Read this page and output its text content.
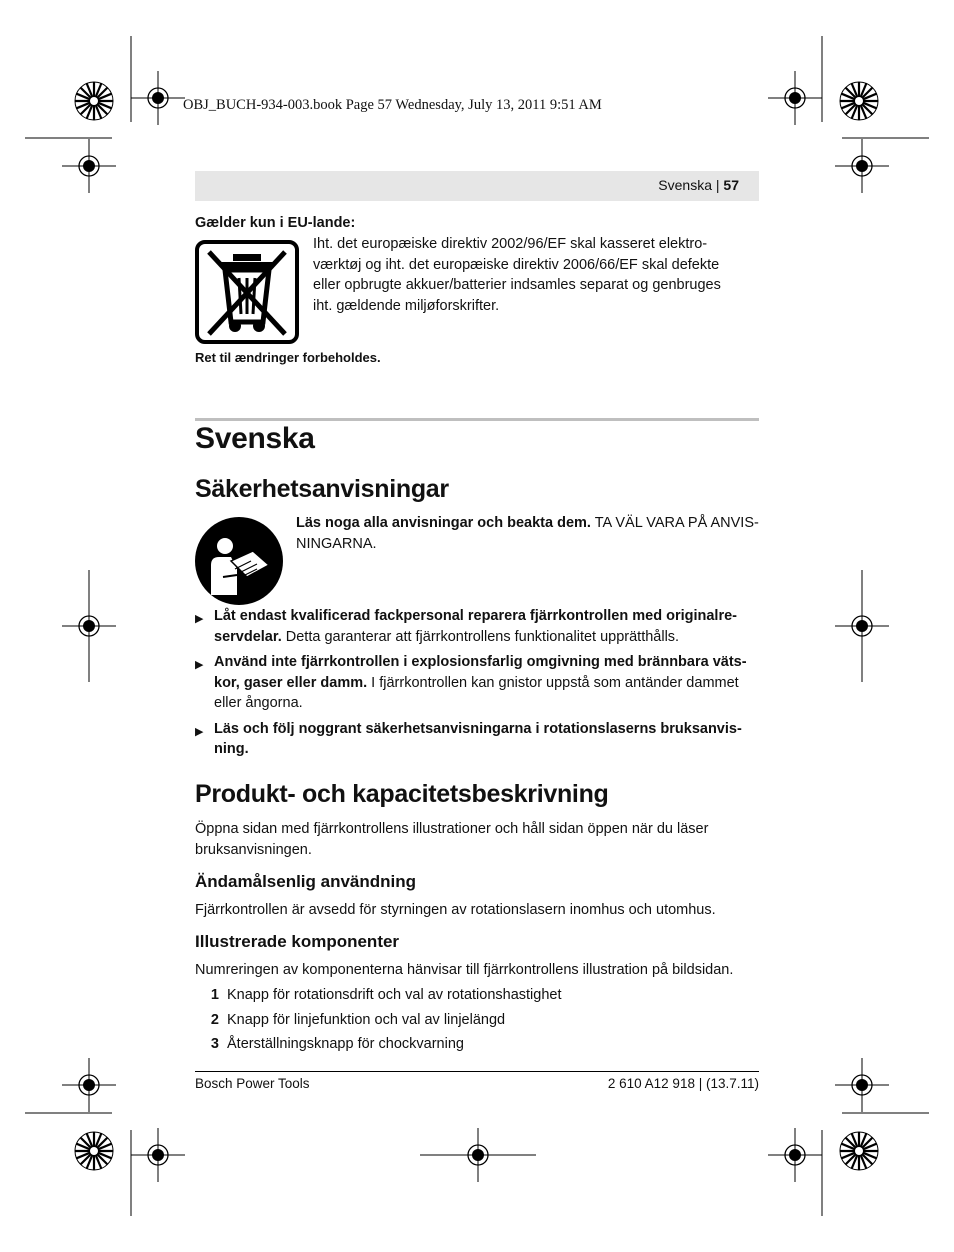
OBJ_BUCH-934-003.book Page 57 Wednesday, July 13, 2011 9:51 AM
Svenska | 57
Gælder kun i EU-lande:
Iht. det europæiske direktiv 2002/96/EF skal kasseret elektro-
værktøj og iht. det europæiske direktiv 2006/66/EF skal defekte
eller opbrugte akkuer/batterier indsamles separat og genbruges
iht. gældende miljøforskrifter.
Ret til ændringer forbeholdes.
Svenska
Säkerhetsanvisningar
Läs noga alla anvisningar och beakta dem. TA VÄL VARA PÅ ANVIS-
NINGARNA.
▶ Låt endast kvalificerad fackpersonal reparera fjärrkontrollen med originalre-
servdelar. Detta garanterar att fjärrkontrollens funktionalitet upprätthålls.
▶ Använd inte fjärrkontrollen i explosionsfarlig omgivning med brännbara väts-
kor, gaser eller damm. I fjärrkontrollen kan gnistor uppstå som antänder dammet
eller ångorna.
▶ Läs och följ noggrant säkerhetsanvisningarna i rotationslaserns bruksanvis-
ning.
Produkt- och kapacitetsbeskrivning
Öppna sidan med fjärrkontrollens illustrationer och håll sidan öppen när du läser
bruksanvisningen.
Ändamålsenlig användning
Fjärrkontrollen är avsedd för styrningen av rotationslasern inomhus och utomhus.
Illustrerade komponenter
Numreringen av komponenterna hänvisar till fjärrkontrollens illustration på bildsidan.
1 Knapp för rotationsdrift och val av rotationshastighet
2 Knapp för linjefunktion och val av linjelängd
3 Återställningsknapp för chockvarning
Bosch Power Tools	2 610 A12 918 | (13.7.11)
